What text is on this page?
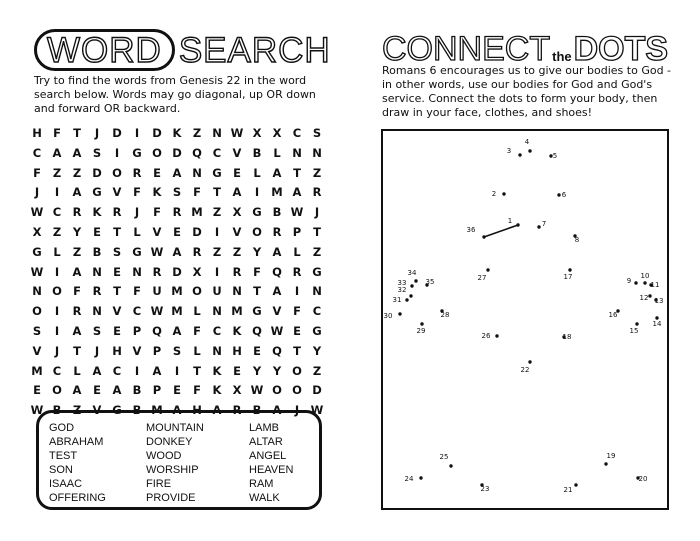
WORD SEARCH
Try to find the words from Genesis 22 in the word search below. Words may go diagonal, up OR down and forward OR backward.
H F	T	J	D	I	D K Z N W X X C	S
C A A S	I	G O D Q C V B	L	N N
F	Z	Z D O R	E	A N G E	L	A	T	Z
J	I	A G V	F	K S	F	T	A	I	M A R
W C R K R	J	F	R M Z X G B W	J
X Z	Y	E	T	L	V	E D	I	V O R P	T
G	L	Z B S G W A R Z	Z	Y A	L	Z
W	I	A N E N R D X	I	R	F Q R G
N O F	R	T	F U M O U N T	A	I	N
O	I	R N V C W M L	N M G V	F	C
S	I	A S	E	P Q A	F	C K Q W E G
V	J	T	J	H V P	S	L	N H E Q T	Y
M C	L	A C	I	A	I	T	K	E	Y	Y O Z
E O A	E	A B P	E	F	K X W O O D
W B Z V G B M A H A R B A	J	W
GOD
ABRAHAM
TEST
SON
ISAAC
OFFERING
MOUNTAIN
DONKEY
WOOD
WORSHIP
FIRE
PROVIDE
LAMB
ALTAR
ANGEL
HEAVEN
RAM
WALK
CONNECT the DOTS
Romans 6 encourages us to give our bodies to God - in other words, use our bodies for God and God's service. Connect the dots to form your body, then draw in your face, clothes, and shoes!
1
2
3
4
5
6
7
8
9
10
11
12 13
14
15
16
17
18
19
20
21
22
23
24
25
26
27
28
29
30
31
32
33
34
35
36
